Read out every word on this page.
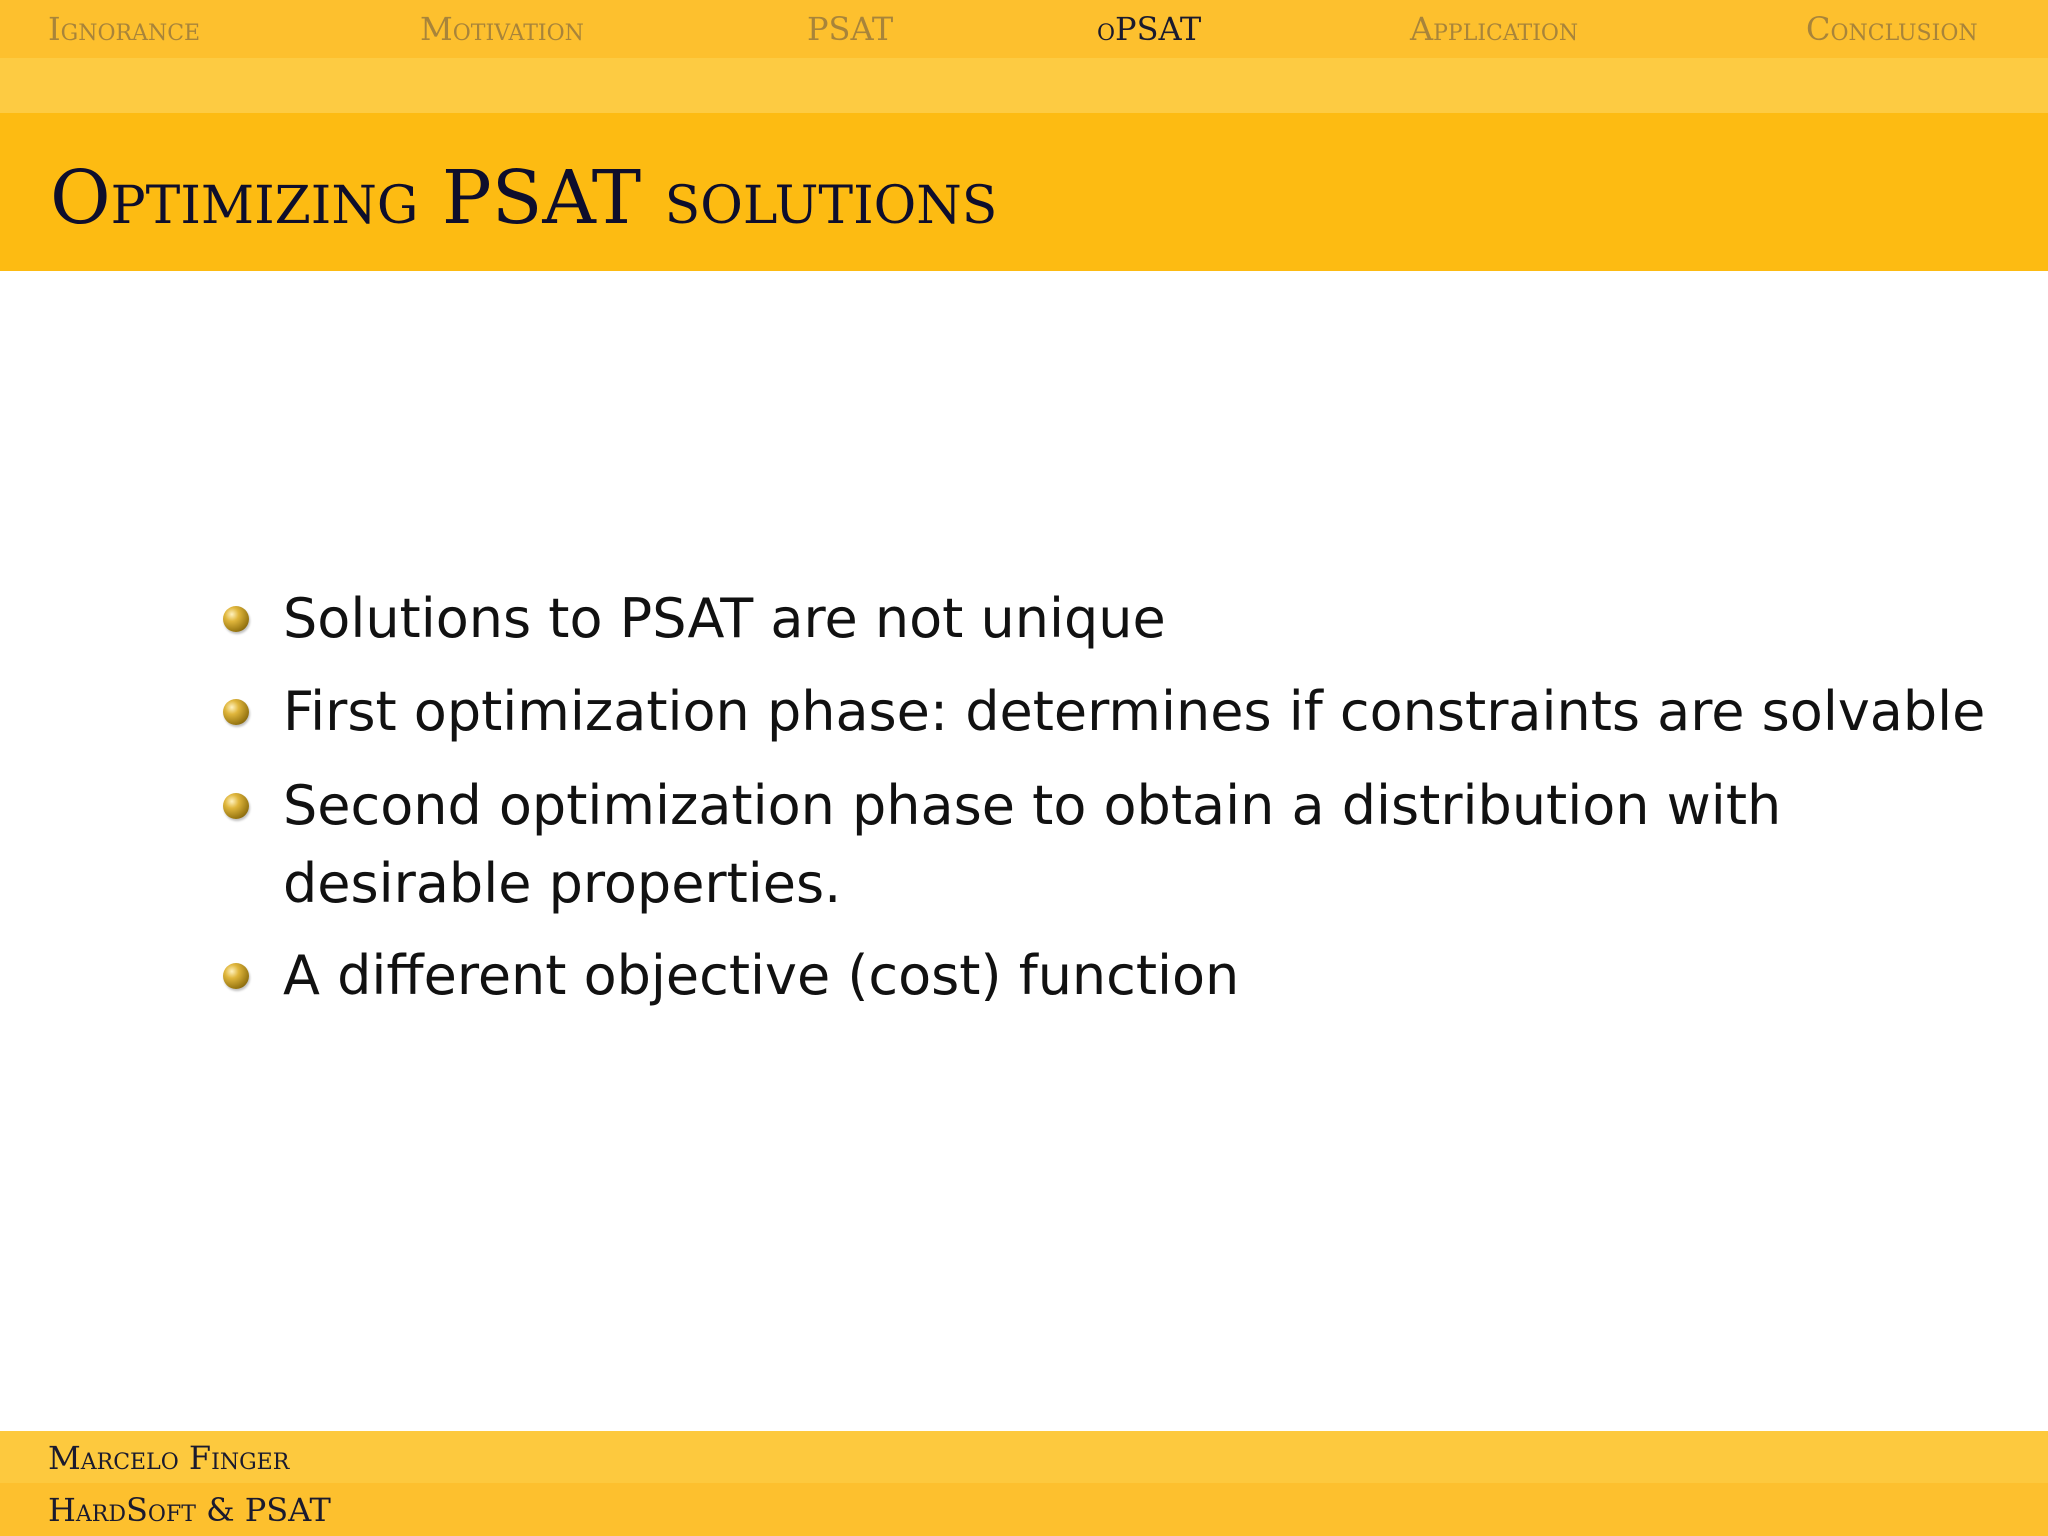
Ignorance	Motivation	PSAT	oPSAT	Application	Conclusion
Optimizing PSAT solutions
Solutions to PSAT are not unique
First optimization phase: determines if constraints are solvable
Second optimization phase to obtain a distribution with desirable properties.
A different objective (cost) function
Marcelo Finger
HardSoft & PSAT
